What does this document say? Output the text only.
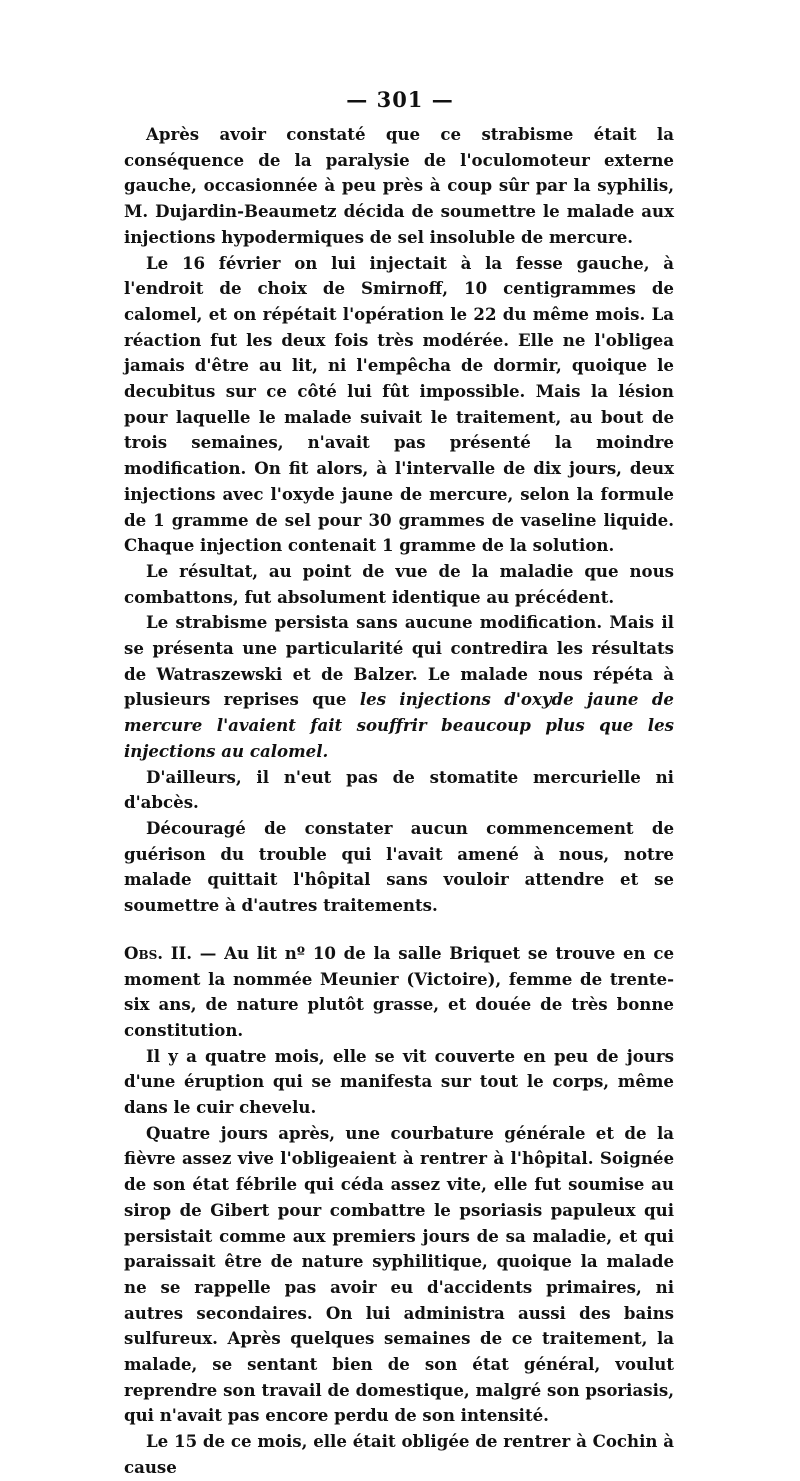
— 301 —

Après avoir constaté que ce strabisme était la conséquence de la paralysie de l'oculomoteur externe gauche, occasionnée à peu près à coup sûr par la syphilis, M. Dujardin-Beaumetz décida de soumettre le malade aux injections hypodermiques de sel insoluble de mercure.

Le 16 février on lui injectait à la fesse gauche, à l'endroit de choix de Smirnoff, 10 centigrammes de calomel, et on répétait l'opération le 22 du même mois. La réaction fut les deux fois très modérée. Elle ne l'obligea jamais d'être au lit, ni l'empêcha de dormir, quoique le decubitus sur ce côté lui fût impossible. Mais la lésion pour laquelle le malade suivait le traitement, au bout de trois semaines, n'avait pas présenté la moindre modification. On fit alors, à l'intervalle de dix jours, deux injections avec l'oxyde jaune de mercure, selon la formule de 1 gramme de sel pour 30 grammes de vaseline liquide. Chaque injection contenait 1 gramme de la solution.

Le résultat, au point de vue de la maladie que nous combattons, fut absolument identique au précédent.

Le strabisme persista sans aucune modification. Mais il se présenta une particularité qui contredira les résultats de Watraszewski et de Balzer. Le malade nous répéta à plusieurs reprises que les injections d'oxyde jaune de mercure l'avaient fait souffrir beaucoup plus que les injections au calomel.

D'ailleurs, il n'eut pas de stomatite mercurielle ni d'abcès.

Découragé de constater aucun commencement de guérison du trouble qui l'avait amené à nous, notre malade quittait l'hôpital sans vouloir attendre et se soumettre à d'autres traitements.

Obs. II. — Au lit nº 10 de la salle Briquet se trouve en ce moment la nommée Meunier (Victoire), femme de trente-six ans, de nature plutôt grasse, et douée de très bonne constitution.

Il y a quatre mois, elle se vit couverte en peu de jours d'une éruption qui se manifesta sur tout le corps, même dans le cuir chevelu.

Quatre jours après, une courbature générale et de la fièvre assez vive l'obligeaient à rentrer à l'hôpital. Soignée de son état fébrile qui céda assez vite, elle fut soumise au sirop de Gibert pour combattre le psoriasis papuleux qui persistait comme aux premiers jours de sa maladie, et qui paraissait être de nature syphilitique, quoique la malade ne se rappelle pas avoir eu d'accidents primaires, ni autres secondaires. On lui administra aussi des bains sulfureux. Après quelques semaines de ce traitement, la malade, se sentant bien de son état général, voulut reprendre son travail de domestique, malgré son psoriasis, qui n'avait pas encore perdu de son intensité.

Le 15 de ce mois, elle était obligée de rentrer à Cochin à cause
